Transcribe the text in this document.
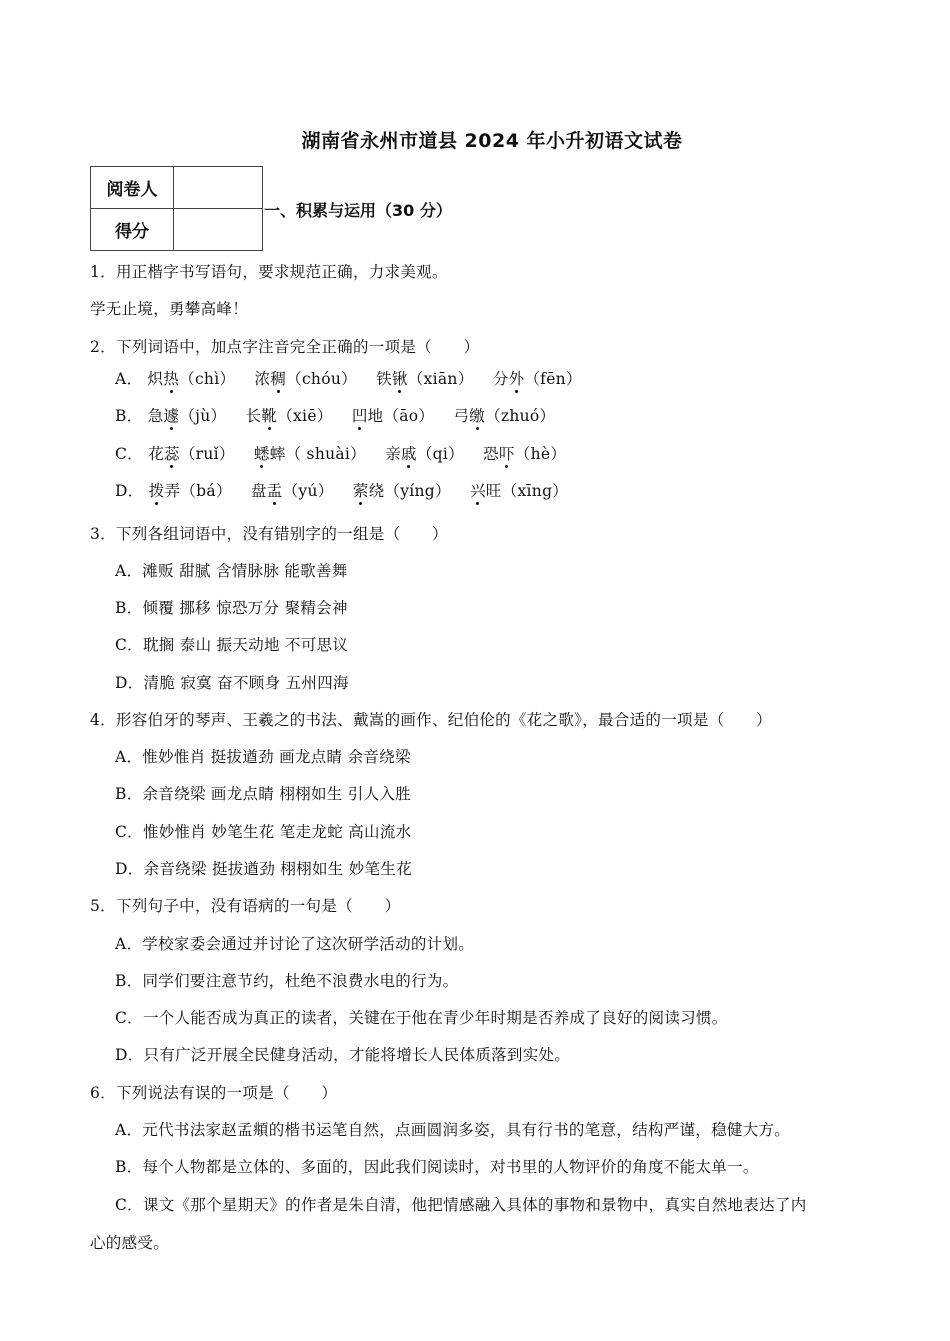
湖南省永州市道县 2024 年小升初语文试卷
阅卷人	
得分	
一、积累与运用（30 分）
1．用正楷字书写语句，要求规范正确，力求美观。
学无止境，勇攀高峰！
2．下列词语中，加点字注音完全正确的一项是（　　）
A． 炽热（chì） 浓稠（chóu） 铁锹（xiān） 分外（fēn）
B． 急遽（jù） 长靴（xiē） 凹地（āo） 弓缴（zhuó）
C． 花蕊（ruǐ） 蟋蟀（ shuài） 亲戚（qi） 恐吓（hè）
D． 拨弄（bá） 盘盂（yú） 萦绕（yíng） 兴旺（xīng）
3．下列各组词语中，没有错别字的一组是（　　）
A．滩贩 甜腻 含情脉脉 能歌善舞
B．倾覆 挪移 惊恐万分 聚精会神
C．耽搁 泰山 振天动地 不可思议
D．清脆 寂寞 奋不顾身 五州四海
4．形容伯牙的琴声、王羲之的书法、戴嵩的画作、纪伯伦的《花之歌》，最合适的一项是（　　）
A．惟妙惟肖 挺拔遒劲 画龙点睛 余音绕梁
B．余音绕梁 画龙点睛 栩栩如生 引人入胜
C．惟妙惟肖 妙笔生花 笔走龙蛇 高山流水
D．余音绕梁 挺拔遒劲 栩栩如生 妙笔生花
5．下列句子中，没有语病的一句是（　　）
A．学校家委会通过并讨论了这次研学活动的计划。
B．同学们要注意节约，杜绝不浪费水电的行为。
C．一个人能否成为真正的读者，关键在于他在青少年时期是否养成了良好的阅读习惯。
D．只有广泛开展全民健身活动，才能将增长人民体质落到实处。
6．下列说法有误的一项是（　　）
A．元代书法家赵孟頫的楷书运笔自然，点画圆润多姿，具有行书的笔意，结构严谨，稳健大方。
B．每个人物都是立体的、多面的，因此我们阅读时，对书里的人物评价的角度不能太单一。
C．课文《那个星期天》的作者是朱自清，他把情感融入具体的事物和景物中，真实自然地表达了内
心的感受。
